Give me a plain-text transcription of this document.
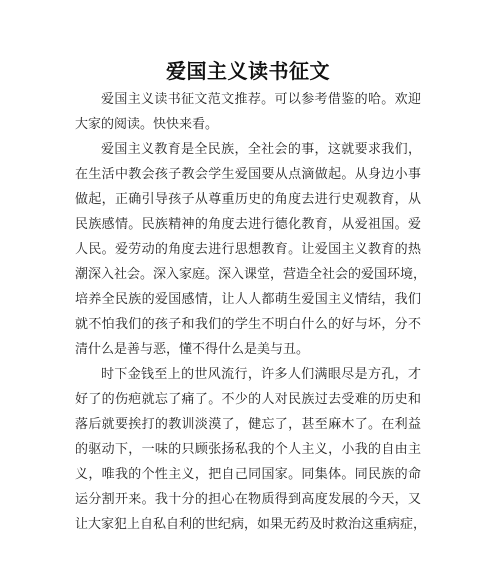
爱国主义读书征文
爱国主义读书征文范文推荐。可以参考借鉴的哈。欢迎
大家的阅读。快快来看。
爱国主义教育是全民族，全社会的事，这就要求我们，
在生活中教会孩子教会学生爱国要从点滴做起。从身边小事
做起，正确引导孩子从尊重历史的角度去进行史观教育，从
民族感情。民族精神的角度去进行德化教育，从爱祖国。爱
人民。爱劳动的角度去进行思想教育。让爱国主义教育的热
潮深入社会。深入家庭。深入课堂，营造全社会的爱国环境，
培养全民族的爱国感情，让人人都萌生爱国主义情结，我们
就不怕我们的孩子和我们的学生不明白什么的好与坏，分不
清什么是善与恶，懂不得什么是美与丑。
时下金钱至上的世风流行，许多人们满眼尽是方孔，才
好了的伤疤就忘了痛了。不少的人对民族过去受难的历史和
落后就要挨打的教训淡漠了，健忘了，甚至麻木了。在利益
的驱动下，一味的只顾张扬私我的个人主义，小我的自由主
义，唯我的个性主义，把自己同国家。同集体。同民族的命
运分割开来。我十分的担心在物质得到高度发展的今天，又
让大家犯上自私自利的世纪病，如果无药及时救治这重病症，
